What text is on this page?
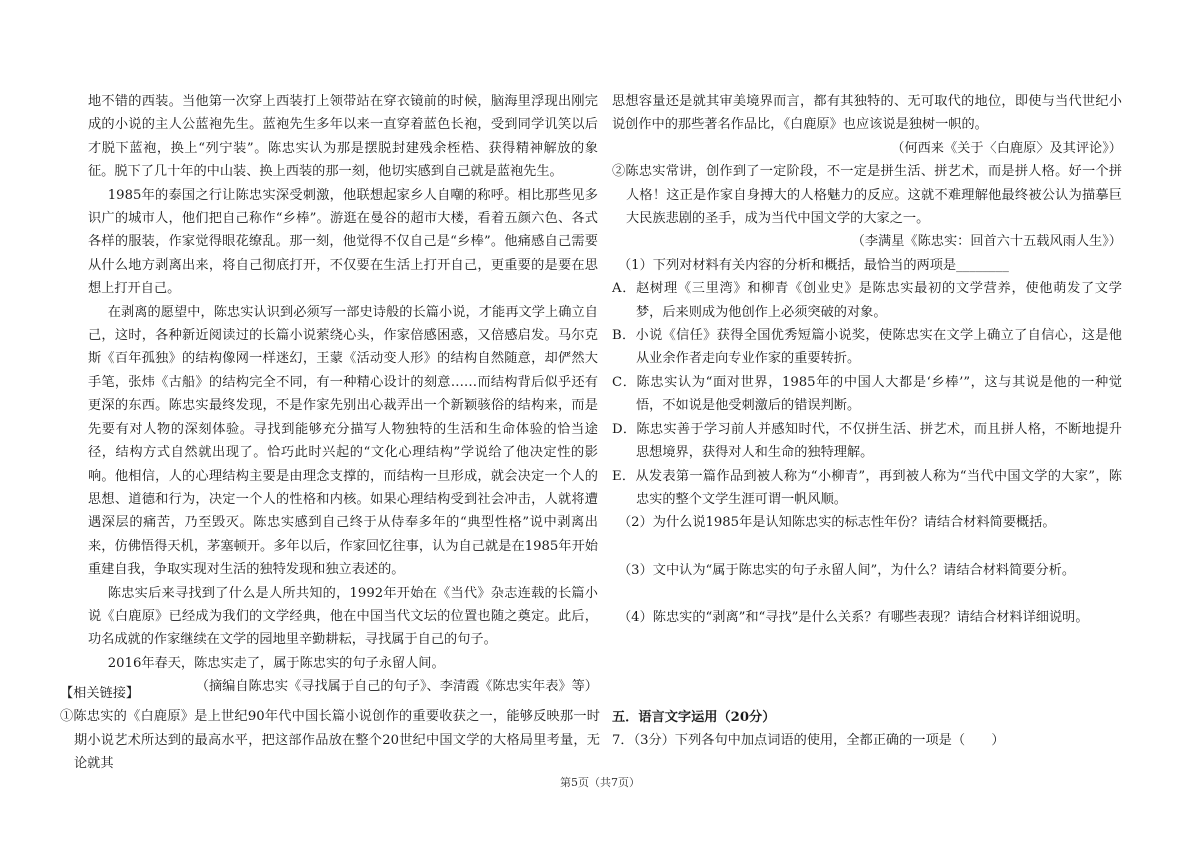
地不错的西装。当他第一次穿上西装打上领带站在穿衣镜前的时候，脑海里浮现出刚完成的小说的主人公蓝袍先生。蓝袍先生多年以来一直穿着蓝色长袍，受到同学讥笑以后才脱下蓝袍，换上“列宁装”。陈忠实认为那是摆脱封建残余桎梏、获得精神解放的象征。脱下了几十年的中山装、换上西装的那一刻，他切实感到自己就是蓝袍先生。

1985年的泰国之行让陈忠实深受刺激，他联想起家乡人自嘲的称呼。相比那些见多识广的城市人，他们把自己称作“乡棒”。游逛在曼谷的超市大楼，看着五颜六色、各式各样的服装，作家觉得眼花缭乱。那一刻，他觉得不仅自己是“乡棒”。他痛感自己需要从什么地方剥离出来，将自己彻底打开，不仅要在生活上打开自己，更重要的是要在思想上打开自己。

在剥离的愿望中，陈忠实认识到必须写一部史诗般的长篇小说，才能再文学上确立自己，这时，各种新近阅读过的长篇小说萦绕心头，作家倍感困惑，又倍感启发。马尔克斯《百年孤独》的结构像网一样迷幻，王蒙《活动变人形》的结构自然随意，却俨然大手笔，张炜《古船》的结构完全不同，有一种精心设计的刻意……而结构背后似乎还有更深的东西。陈忠实最终发现，不是作家先别出心裁弄出一个新颖骇俗的结构来，而是先要有对人物的深刻体验。寻找到能够充分描写人物独特的生活和生命体验的恰当途径，结构方式自然就出现了。恰巧此时兴起的“文化心理结构”学说给了他决定性的影响。他相信，人的心理结构主要是由理念支撑的，而结构一旦形成，就会决定一个人的思想、道德和行为，决定一个人的性格和内核。如果心理结构受到社会冲击，人就将遭遇深层的痛苦，乃至毁灭。陈忠实感到自己终于从侍奉多年的“典型性格”说中剥离出来，仿佛悟得天机，茅塞顿开。多年以后，作家回忆往事，认为自己就是在1985年开始重建自我，争取实现对生活的独特发现和独立表述的。

陈忠实后来寻找到了什么是人所共知的，1992年开始在《当代》杂志连载的长篇小说《白鹿原》已经成为我们的文学经典，他在中国当代文坛的位置也随之奠定。此后，功名成就的作家继续在文学的园地里辛勤耕耘，寻找属于自己的句子。

2016年春天，陈忠实走了，属于陈忠实的句子永留人间。

（摘编自陈忠实《寻找属于自己的句子》、李清霞《陈忠实年表》等）

【相关链接】

①陈忠实的《白鹿原》是上世纪90年代中国长篇小说创作的重要收获之一，能够反映那一时期小说艺术所达到的最高水平，把这部作品放在整个20世纪中国文学的大格局里考量，无论就其

思想容量还是就其审美境界而言，都有其独特的、无可取代的地位，即使与当代世纪小说创作中的那些著名作品比，《白鹿原》也应该说是独树一帜的。

（何西来《关于〈白鹿原〉及其评论》）

②陈忠实常讲，创作到了一定阶段，不一定是拼生活、拼艺术，而是拼人格。好一个拼人格！这正是作家自身搏大的人格魅力的反应。这就不难理解他最终被公认为描摹巨大民族悲剧的圣手，成为当代中国文学的大家之一。

（李满星《陈忠实：回首六十五载风雨人生》）

（1）下列对材料有关内容的分析和概括，最恰当的两项是________

A．赵树理《三里湾》和柳青《创业史》是陈忠实最初的文学营养，使他萌发了文学梦，后来则成为他创作上必须突破的对象。

B．小说《信任》获得全国优秀短篇小说奖，使陈忠实在文学上确立了自信心，这是他从业余作者走向专业作家的重要转折。

C．陈忠实认为“面对世界，1985年的中国人大都是‘乡棒’”，这与其说是他的一种觉悟，不如说是他受刺激后的错误判断。

D．陈忠实善于学习前人并感知时代，不仅拼生活、拼艺术，而且拼人格，不断地提升思想境界，获得对人和生命的独特理解。

E．从发表第一篇作品到被人称为“小柳青”，再到被人称为“当代中国文学的大家”，陈忠实的整个文学生涯可谓一帆风顺。

（2）为什么说1985年是认知陈忠实的标志性年份？请结合材料简要概括。

（3）文中认为“属于陈忠实的句子永留人间”，为什么？请结合材料简要分析。

（4）陈忠实的“剥离”和“寻找”是什么关系？有哪些表现？请结合材料详细说明。

五．语言文字运用（20分）

7．（3分）下列各句中加点词语的使用，全都正确的一项是（　　）

第5页（共7页）
